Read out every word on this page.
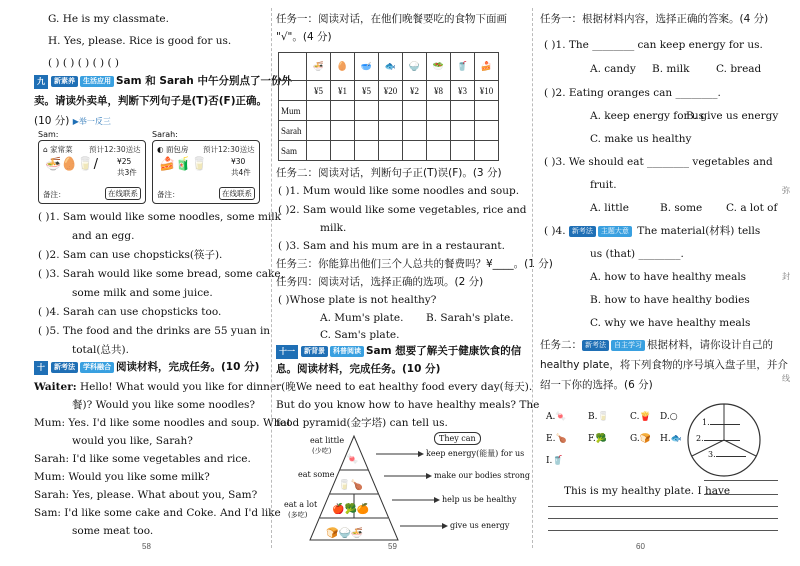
G. He is my classmate.
H. Yes, please. Rice is good for us.
( ) ( ) ( ) ( ) ( )
九 新素养 生活应用 Sam 和 Sarah 中午分别点了一份外
卖。请读外卖单，判断下列句子是(T)否(F)正确。
(10 分) ▶举一反三
Sam:	Sarah:
⌂ 家常菜 预计12:30送达
🍜🥚🥛/	¥25
共3件
备注：	在线联系
◐ 面包房 预计12:30送达
🍰🧃🥛	¥30
共4件
备注：	在线联系
( )1. Sam would like some noodles, some milk
and an egg.
( )2. Sam can use chopsticks(筷子).
( )3. Sarah would like some bread, some cake,
some milk and some juice.
( )4. Sarah can use chopsticks too.
( )5. The food and the drinks are 55 yuan in
total(总共).
十 新考法 学科融合 阅读材料，完成任务。(10 分)
Waiter: Hello! What would you like for dinner(晚
餐)? Would you like some noodles?
Mum: Yes. I'd like some noodles and soup. What
would you like, Sarah?
Sarah: I'd like some vegetables and rice.
Mum: Would you like some milk?
Sarah: Yes, please. What about you, Sam?
Sam: I'd like some cake and Coke. And I'd like
some meat too.
58
任务一：阅读对话，在他们晚餐要吃的食物下面画
"√"。(4 分)
	🍜	🥚	🥣	🐟	🍚	🥗	🥤	🍰
	¥5	¥1	¥5	¥20	¥2	¥8	¥3	¥10
Mum								
Sarah								
Sam								
任务二：阅读对话，判断句子正(T)误(F)。(3 分)
( )1. Mum would like some noodles and soup.
( )2. Sam would like some vegetables, rice and
milk.
( )3. Sam and his mum are in a restaurant.
任务三：你能算出他们三个人总共的餐费吗？¥____。(1 分)
任务四：阅读对话，选择正确的选项。(2 分)
( )Whose plate is not healthy?
A. Mum's plate. B. Sarah's plate.
C. Sam's plate.
十一 新背景 科普阅读 Sam 想要了解关于健康饮食的信
息。阅读材料，完成任务。(10 分)
We need to eat healthy food every day(每天).
But do you know how to have healthy meals? The
food pyramid(金字塔) can tell us.
🍬
🥛🍗
🍎🥦🍊
🍞🍚🍜
They can
eat little
(少吃)
eat some
eat a lot
(多吃)
keep energy(能量) for us
make our bodies strong
help us be healthy
give us energy
59
任务一：根据材料内容，选择正确的答案。(4 分)
( )1. The ________ can keep energy for us.
A. candy B. milk	C. bread
( )2. Eating oranges can ________.
A. keep energy for us
B. give us energy
C. make us healthy
( )3. We should eat ________ vegetables and
fruit.
A. little	B. some C. a lot of
( )4. 新考法 主题大意 The material(材料) tells
us (that) ________.
A. how to have healthy meals
B. how to have healthy bodies
C. why we have healthy meals
任务二： 新考法 自主学习 根据材料，请你设计自己的
healthy plate，将下列食物的序号填入盘子里，并介
绍一下你的选择。(6 分)
A.🍬 B.🥛 C.🍟 D.○
E.🍗 F.🥦	G.🍞 H.🐟
I.🥤
1.
2.
3.
This is my healthy plate. I have
60
弥
封
线
